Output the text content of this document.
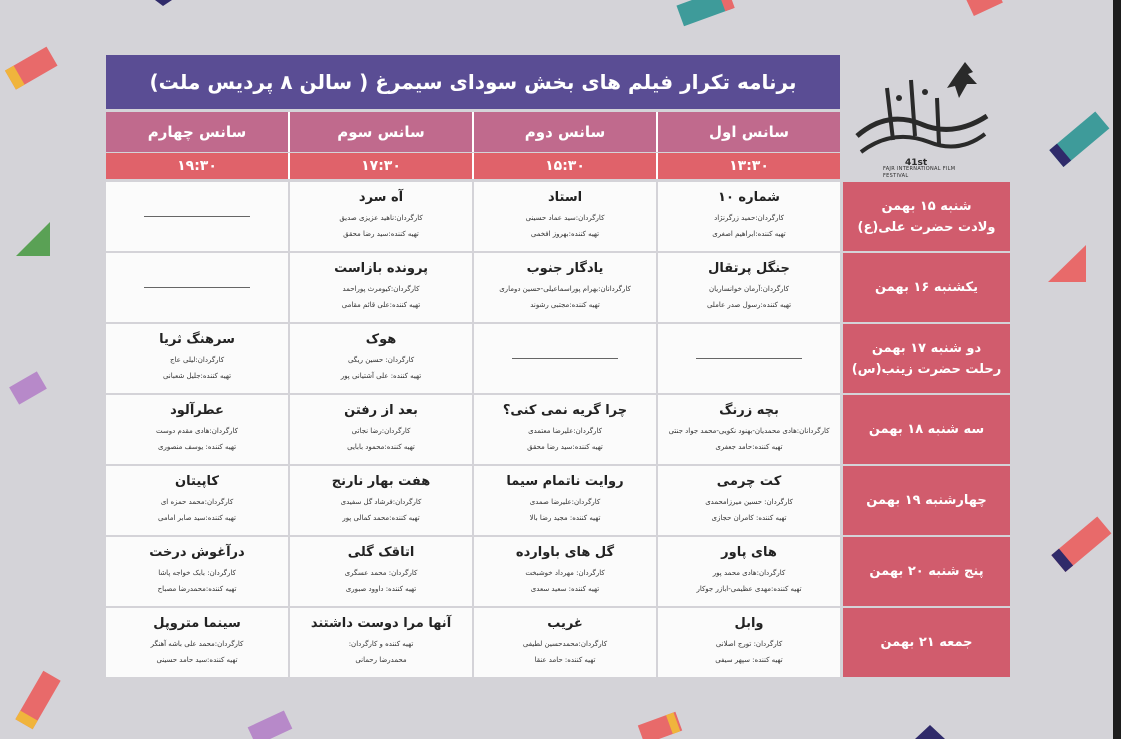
برنامه تکرار فیلم های بخش سودای سیمرغ ( سالن ۸ پردیس ملت)
41st
FAJR INTERNATIONAL FILM FESTIVAL
سانس اول
سانس دوم
سانس سوم
سانس چهارم
۱۳:۳۰
۱۵:۳۰
۱۷:۳۰
۱۹:۳۰
شماره ۱۰
کارگردان:حمید زرگرنژاد
تهیه کننده:ابراهیم اصغری
استاد
کارگردان:سید عماد حسینی
تهیه کننده:بهروز افخمی
آه سرد
کارگردان:ناهید عزیزی صدیق
تهیه کننده:سید رضا محقق
جنگل پرتقال
کارگردان:آرمان خوانساریان
تهیه کننده:رسول صدر عاملی
یادگار جنوب
کارگردانان:بهرام پوراسماعیلی-حسین دوماری
تهیه کننده:مجتبی رشوند
پرونده بازاست
کارگردان:کیومرث پوراحمد
تهیه کننده:علی قائم مقامی
هوک
کارگردان: حسین ریگی
تهیه کننده: علی آشتیانی پور
سرهنگ ثریا
کارگردان:لیلی عاج
تهیه کننده:جلیل شعبانی
بچه زرنگ
کارگردانان:هادی محمدیان-بهنود نکویی-محمد جواد جنتی
تهیه کننده:حامد جعفری
چرا گریه نمی کنی؟
کارگردان:علیرضا معتمدی
تهیه کننده:سید رضا محقق
بعد از رفتن
کارگردان:رضا نجاتی
تهیه کننده:محمود بابایی
عطرآلود
کارگردان:هادی مقدم دوست
تهیه کننده: یوسف منصوری
کت چرمی
کارگردان: حسین میرزامحمدی
تهیه کننده: کامران حجازی
روایت ناتمام سیما
کارگردان:علیرضا صمدی
تهیه کننده: مجید رضا بالا
هفت بهار نارنج
کارگردان:فرشاد گل سفیدی
تهیه کننده:محمد کمالی پور
کاپیتان
کارگردان:محمد حمزه ای
تهیه کننده:سید صابر امامی
های پاور
کارگردان:هادی محمد پور
تهیه کننده:مهدی عظیمی-ابازر جوکار
گل های باوارده
کارگردان: مهرداد خوشبخت
تهیه کننده: سعید سعدی
اتاقک گلی
کارگردان: محمد عسگری
تهیه کننده: داوود صبوری
درآغوش درخت
کارگردان: بابک خواجه پاشا
تهیه کننده:محمدرضا مصباح
وابل
کارگردان: تورج اصلانی
تهیه کننده: سپهر سیفی
غریب
کارگردان:محمدحسین لطیفی
تهیه کننده: حامد عنقا
آنها مرا دوست داشتند
تهیه کننده و کارگردان:
محمدرضا رحمانی
سینما متروپل
کارگردان:محمد علی باشه آهنگر
تهیه کننده:سید حامد حسینی
شنبه ۱۵ بهمن
ولادت حضرت علی(ع)
یکشنبه ۱۶ بهمن
دو شنبه ۱۷ بهمن
رحلت حضرت زینب(س)
سه شنبه ۱۸ بهمن
چهارشنبه ۱۹ بهمن
پنج شنبه ۲۰ بهمن
جمعه ۲۱ بهمن
